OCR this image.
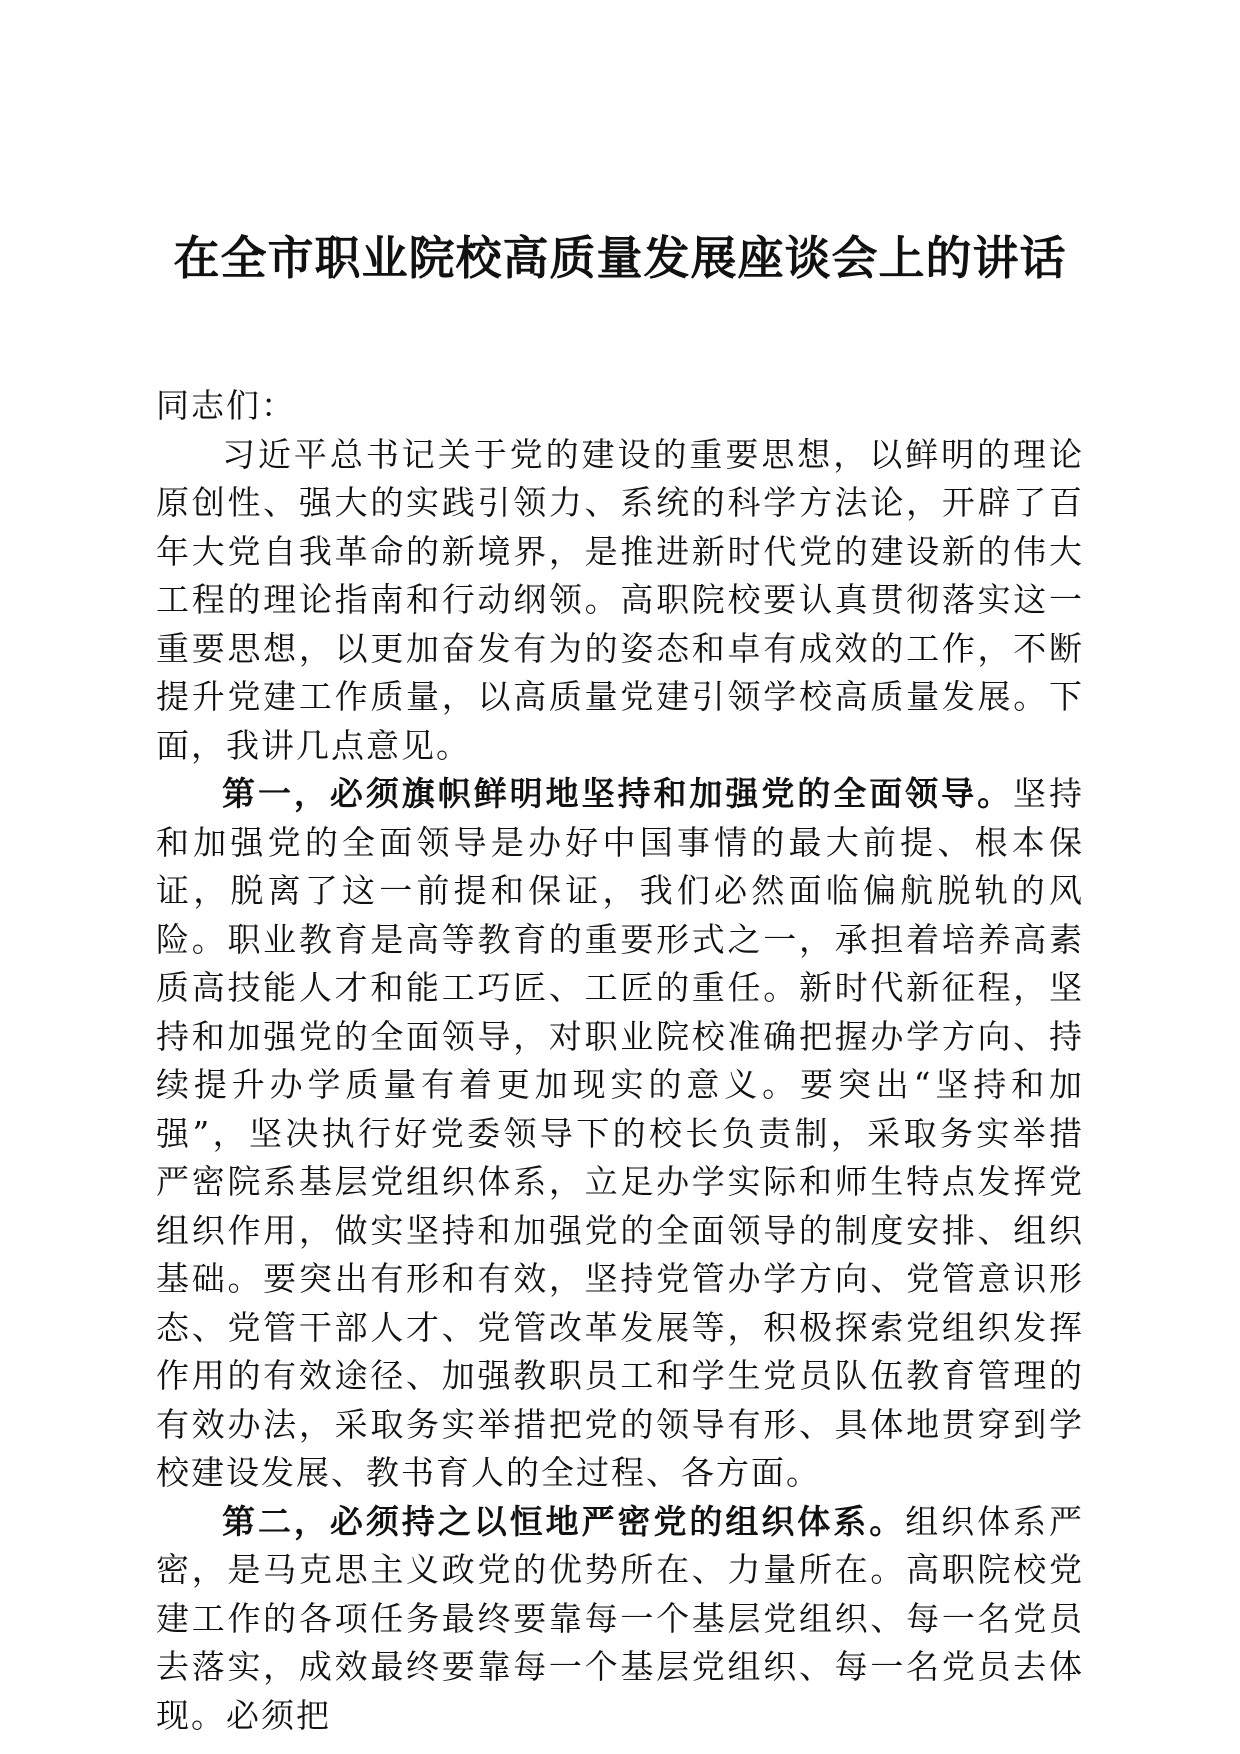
在全市职业院校高质量发展座谈会上的讲话

同志们：

习近平总书记关于党的建设的重要思想，以鲜明的理论原创性、强大的实践引领力、系统的科学方法论，开辟了百年大党自我革命的新境界，是推进新时代党的建设新的伟大工程的理论指南和行动纲领。高职院校要认真贯彻落实这一重要思想，以更加奋发有为的姿态和卓有成效的工作，不断提升党建工作质量，以高质量党建引领学校高质量发展。下面，我讲几点意见。

第一，必须旗帜鲜明地坚持和加强党的全面领导。坚持和加强党的全面领导是办好中国事情的最大前提、根本保证，脱离了这一前提和保证，我们必然面临偏航脱轨的风险。职业教育是高等教育的重要形式之一，承担着培养高素质高技能人才和能工巧匠、工匠的重任。新时代新征程，坚持和加强党的全面领导，对职业院校准确把握办学方向、持续提升办学质量有着更加现实的意义。要突出“坚持和加强”，坚决执行好党委领导下的校长负责制，采取务实举措严密院系基层党组织体系，立足办学实际和师生特点发挥党组织作用，做实坚持和加强党的全面领导的制度安排、组织基础。要突出有形和有效，坚持党管办学方向、党管意识形态、党管干部人才、党管改革发展等，积极探索党组织发挥作用的有效途径、加强教职员工和学生党员队伍教育管理的有效办法，采取务实举措把党的领导有形、具体地贯穿到学校建设发展、教书育人的全过程、各方面。

第二，必须持之以恒地严密党的组织体系。组织体系严密，是马克思主义政党的优势所在、力量所在。高职院校党建工作的各项任务最终要靠每一个基层党组织、每一名党员去落实，成效最终要靠每一个基层党组织、每一名党员去体现。必须把
